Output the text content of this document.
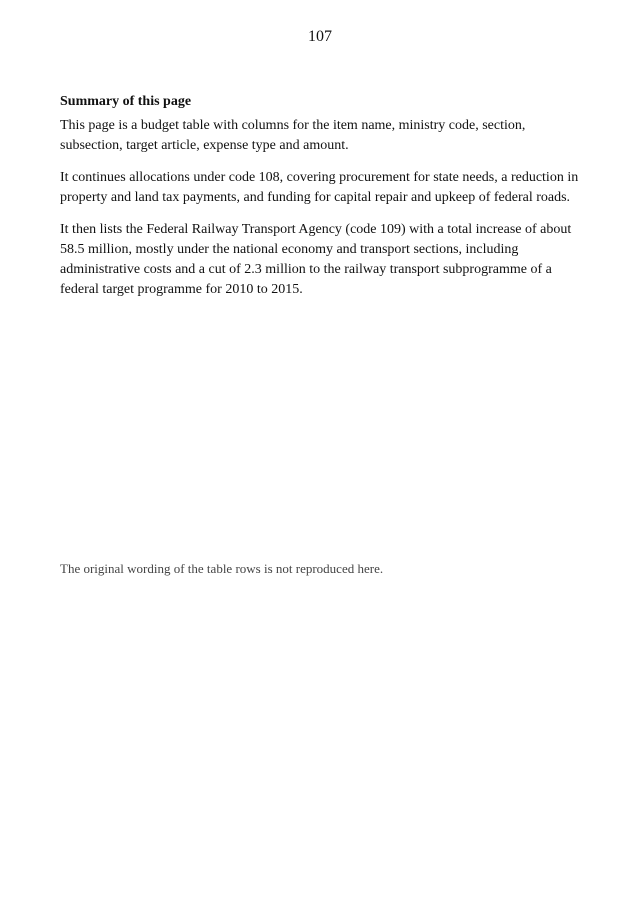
107
Summary of this page

This page is a budget table with columns for the item name, ministry code, section, subsection, target article, expense type and amount.

It continues allocations under code 108, covering procurement for state needs, a reduction in property and land tax payments, and funding for capital repair and upkeep of federal roads.

It then lists the Federal Railway Transport Agency (code 109) with a total increase of about 58.5 million, mostly under the national economy and transport sections, including administrative costs and a cut of 2.3 million to the railway transport subprogramme of a federal target programme for 2010 to 2015.

The original wording of the table rows is not reproduced here.
